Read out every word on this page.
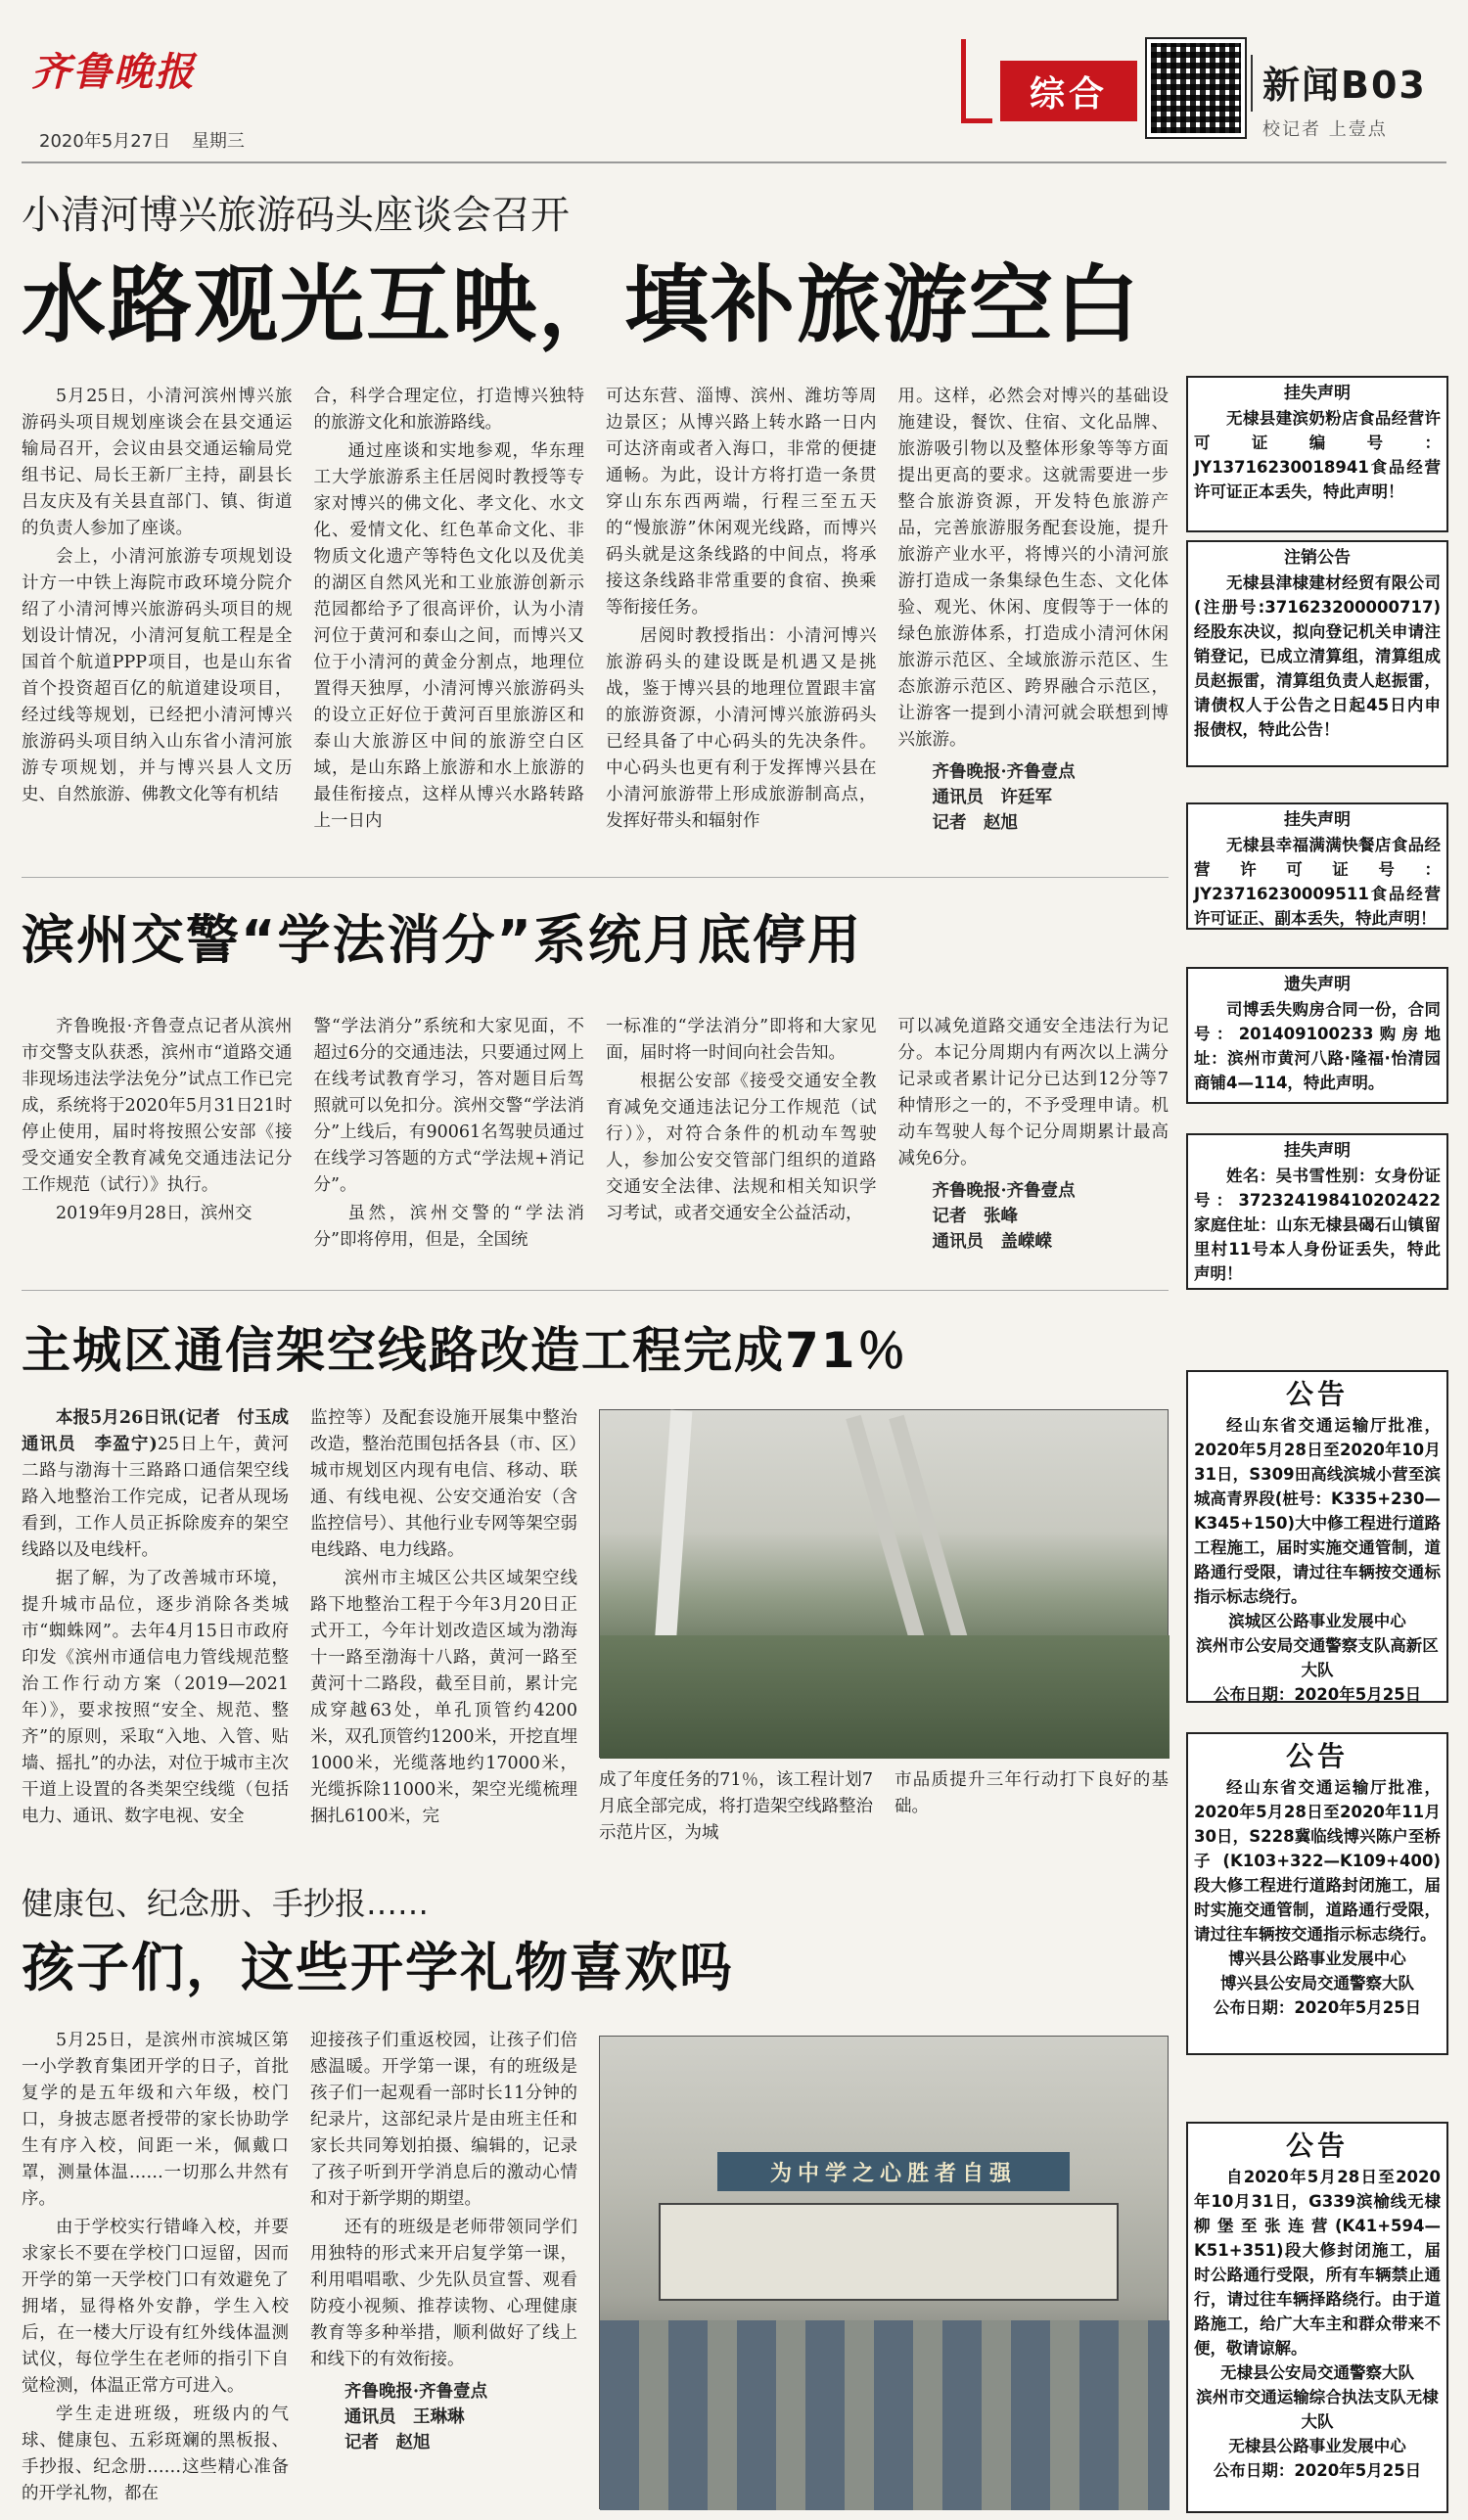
齐鲁晚报
2020年5月27日 星期三
综合	新闻B03
校记者 上壹点
小清河博兴旅游码头座谈会召开
水路观光互映，填补旅游空白

5月25日，小清河滨州博兴旅游码头项目规划座谈会在县交通运输局召开，会议由县交通运输局党组书记、局长王新厂主持，副县长吕友庆及有关县直部门、镇、街道的负责人参加了座谈。

会上，小清河旅游专项规划设计方一中铁上海院市政环境分院介绍了小清河博兴旅游码头项目的规划设计情况，小清河复航工程是全国首个航道PPP项目，也是山东省首个投资超百亿的航道建设项目，经过线等规划，已经把小清河博兴旅游码头项目纳入山东省小清河旅游专项规划，并与博兴县人文历史、自然旅游、佛教文化等有机结

合，科学合理定位，打造博兴独特的旅游文化和旅游路线。

通过座谈和实地参观，华东理工大学旅游系主任居阅时教授等专家对博兴的佛文化、孝文化、水文化、爱情文化、红色革命文化、非物质文化遗产等特色文化以及优美的湖区自然风光和工业旅游创新示范园都给予了很高评价，认为小清河位于黄河和泰山之间，而博兴又位于小清河的黄金分割点，地理位置得天独厚，小清河博兴旅游码头的设立正好位于黄河百里旅游区和泰山大旅游区中间的旅游空白区域，是山东路上旅游和水上旅游的最佳衔接点，这样从博兴水路转路上一日内

可达东营、淄博、滨州、潍坊等周边景区；从博兴路上转水路一日内可达济南或者入海口，非常的便捷通畅。为此，设计方将打造一条贯穿山东东西两端，行程三至五天的“慢旅游”休闲观光线路，而博兴码头就是这条线路的中间点，将承接这条线路非常重要的食宿、换乘等衔接任务。

居阅时教授指出：小清河博兴旅游码头的建设既是机遇又是挑战，鉴于博兴县的地理位置跟丰富的旅游资源，小清河博兴旅游码头已经具备了中心码头的先决条件。中心码头也更有利于发挥博兴县在小清河旅游带上形成旅游制高点，发挥好带头和辐射作

用。这样，必然会对博兴的基础设施建设，餐饮、住宿、文化品牌、旅游吸引物以及整体形象等等方面提出更高的要求。这就需要进一步整合旅游资源，开发特色旅游产品，完善旅游服务配套设施，提升旅游产业水平，将博兴的小清河旅游打造成一条集绿色生态、文化体验、观光、休闲、度假等于一体的绿色旅游体系，打造成小清河休闲旅游示范区、全域旅游示范区、生态旅游示范区、跨界融合示范区，让游客一提到小清河就会联想到博兴旅游。

齐鲁晚报·齐鲁壹点
通讯员　许廷军
记者　赵旭
滨州交警“学法消分”系统月底停用

齐鲁晚报·齐鲁壹点记者从滨州市交警支队获悉，滨州市“道路交通非现场违法学法免分”试点工作已完成，系统将于2020年5月31日21时停止使用，届时将按照公安部《接受交通安全教育减免交通违法记分工作规范（试行）》执行。

2019年9月28日，滨州交

警“学法消分”系统和大家见面，不超过6分的交通违法，只要通过网上在线考试教育学习，答对题目后驾照就可以免扣分。滨州交警“学法消分”上线后，有90061名驾驶员通过在线学习答题的方式“学法规+消记分”。

虽然，滨州交警的“学法消分”即将停用，但是，全国统

一标准的“学法消分”即将和大家见面，届时将一时间向社会告知。

根据公安部《接受交通安全教育减免交通违法记分工作规范（试行）》，对符合条件的机动车驾驶人，参加公安交管部门组织的道路交通安全法律、法规和相关知识学习考试，或者交通安全公益活动，

可以减免道路交通安全违法行为记分。本记分周期内有两次以上满分记录或者累计记分已达到12分等7种情形之一的，不予受理申请。机动车驾驶人每个记分周期累计最高减免6分。

齐鲁晚报·齐鲁壹点
记者　张峰
通讯员　盖嵘嵘
主城区通信架空线路改造工程完成71％

本报5月26日讯(记者　付玉成　通讯员　李盈宁)25日上午，黄河二路与渤海十三路路口通信架空线路入地整治工作完成，记者从现场看到，工作人员正拆除废弃的架空线路以及电线杆。

据了解，为了改善城市环境，提升城市品位，逐步消除各类城市“蜘蛛网”。去年4月15日市政府印发《滨州市通信电力管线规范整治工作行动方案（2019—2021年）》，要求按照“安全、规范、整齐”的原则，采取“入地、入管、贴墙、摇扎”的办法，对位于城市主次干道上设置的各类架空线缆（包括电力、通讯、数字电视、安全

监控等）及配套设施开展集中整治改造，整治范围包括各县（市、区）城市规划区内现有电信、移动、联通、有线电视、公安交通治安（含监控信号）、其他行业专网等架空弱电线路、电力线路。

滨州市主城区公共区域架空线路下地整治工程于今年3月20日正式开工，今年计划改造区域为渤海十一路至渤海十八路，黄河一路至黄河十二路段，截至目前，累计完成穿越63处，单孔顶管约4200米，双孔顶管约1200米，开挖直埋1000米，光缆落地约17000米，光缆拆除11000米，架空光缆梳理捆扎6100米，完

成了年度任务的71％，该工程计划7月底全部完成，将打造架空线路整治示范片区，为城

市品质提升三年行动打下良好的基础。

健康包、纪念册、手抄报……
孩子们，这些开学礼物喜欢吗

5月25日，是滨州市滨城区第一小学教育集团开学的日子，首批复学的是五年级和六年级，校门口，身披志愿者授带的家长协助学生有序入校，间距一米，佩戴口罩，测量体温……一切那么井然有序。

由于学校实行错峰入校，并要求家长不要在学校门口逗留，因而开学的第一天学校门口有效避免了拥堵，显得格外安静，学生入校后，在一楼大厅设有红外线体温测试仪，每位学生在老师的指引下自觉检测，体温正常方可进入。

学生走进班级，班级内的气球、健康包、五彩斑斓的黑板报、手抄报、纪念册……这些精心准备的开学礼物，都在

迎接孩子们重返校园，让孩子们倍感温暖。开学第一课，有的班级是孩子们一起观看一部时长11分钟的纪录片，这部纪录片是由班主任和家长共同筹划拍摄、编辑的，记录了孩子听到开学消息后的激动心情和对于新学期的期望。

还有的班级是老师带领同学们用独特的形式来开启复学第一课，利用唱唱歌、少先队员宣誓、观看防疫小视频、推荐读物、心理健康教育等多种举措，顺利做好了线上和线下的有效衔接。

齐鲁晚报·齐鲁壹点
通讯员　王琳琳
记者　赵旭
为中学之心胜者自强
挂失声明
无棣县建滨奶粉店食品经营许可证编号：JY13716230018941食品经营许可证正本丢失，特此声明！
注销公告
无棣县津棣建材经贸有限公司(注册号:371623200000717)经股东决议，拟向登记机关申请注销登记，已成立清算组，清算组成员赵振雷，清算组负责人赵振雷，请债权人于公告之日起45日内申报债权，特此公告！
挂失声明
无棣县幸福满满快餐店食品经营许可证号：JY23716230009511食品经营许可证正、副本丢失，特此声明！
遗失声明
司博丢失购房合同一份，合同号：201409100233购房地址：滨州市黄河八路·隆福·怡清园商铺4—114，特此声明。
挂失声明
姓名：吴书雪性别：女身份证号：372324198410202422家庭住址：山东无棣县碣石山镇留里村11号本人身份证丢失，特此声明！
公告
经山东省交通运输厅批准，2020年5月28日至2020年10月31日，S309田高线滨城小营至滨城高青界段(桩号：K335+230—K345+150)大中修工程进行道路工程施工，届时实施交通管制，道路通行受限，请过往车辆按交通标指示标志绕行。
滨城区公路事业发展中心
滨州市公安局交通警察支队高新区大队
公布日期：2020年5月25日
公告
经山东省交通运输厅批准，2020年5月28日至2020年11月30日，S228冀临线博兴陈户至桥子(K103+322—K109+400)段大修工程进行道路封闭施工，届时实施交通管制，道路通行受限，请过往车辆按交通指示标志绕行。
博兴县公路事业发展中心
博兴县公安局交通警察大队
公布日期：2020年5月25日
公告
自2020年5月28日至2020年10月31日，G339滨榆线无棣柳堡至张连营(K41+594—K51+351)段大修封闭施工，届时公路通行受限，所有车辆禁止通行，请过往车辆择路绕行。由于道路施工，给广大车主和群众带来不便，敬请谅解。
无棣县公安局交通警察大队
滨州市交通运输综合执法支队无棣大队
无棣县公路事业发展中心
公布日期：2020年5月25日
